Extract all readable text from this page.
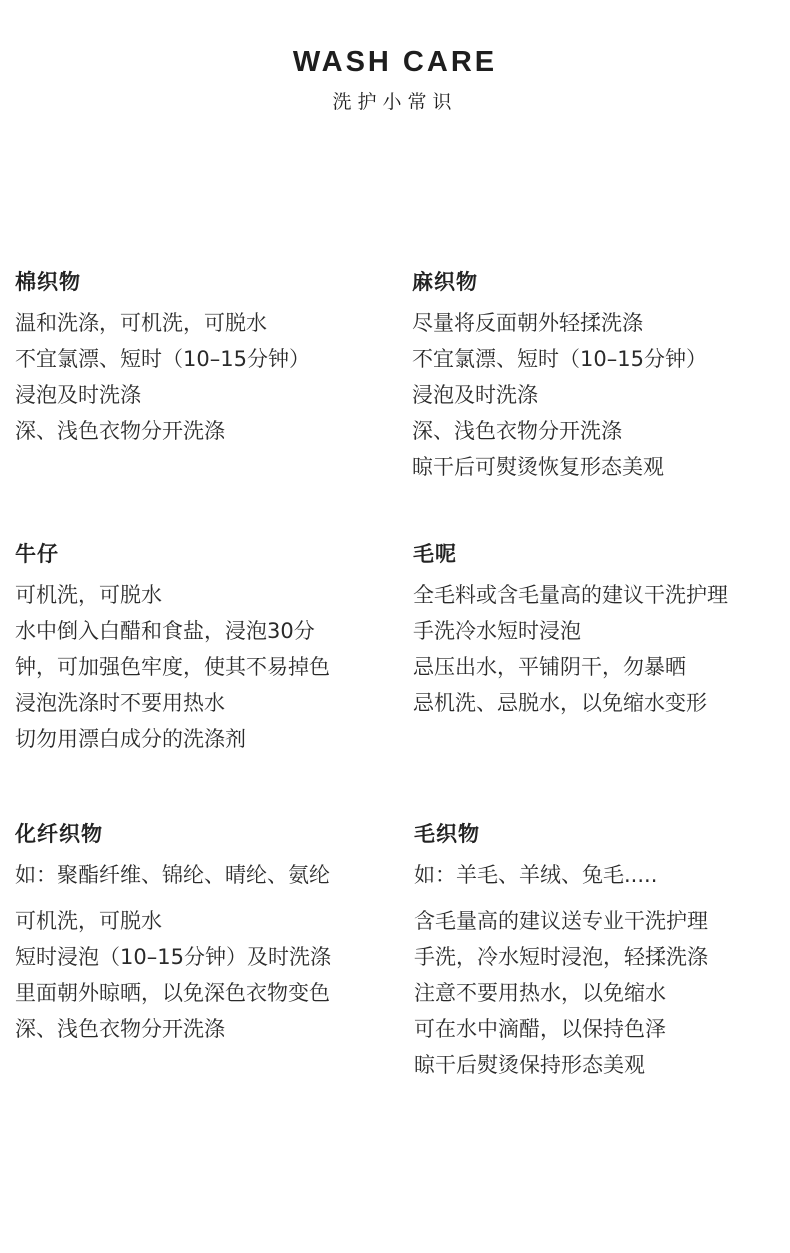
WASH CARE
洗护小常识
棉织物
温和洗涤，可机洗，可脱水
不宜氯漂、短时（10–15分钟）
浸泡及时洗涤
深、浅色衣物分开洗涤
麻织物
尽量将反面朝外轻揉洗涤
不宜氯漂、短时（10–15分钟）
浸泡及时洗涤
深、浅色衣物分开洗涤
晾干后可熨烫恢复形态美观
牛仔
可机洗，可脱水
水中倒入白醋和食盐，浸泡30分
钟，可加强色牢度，使其不易掉色
浸泡洗涤时不要用热水
切勿用漂白成分的洗涤剂
毛呢
全毛料或含毛量高的建议干洗护理
手洗冷水短时浸泡
忌压出水，平铺阴干，勿暴晒
忌机洗、忌脱水，以免缩水变形
化纤织物
如：聚酯纤维、锦纶、晴纶、氨纶
可机洗，可脱水
短时浸泡（10–15分钟）及时洗涤
里面朝外晾晒，以免深色衣物变色
深、浅色衣物分开洗涤
毛织物
如：羊毛、羊绒、兔毛.....
含毛量高的建议送专业干洗护理
手洗，冷水短时浸泡，轻揉洗涤
注意不要用热水，以免缩水
可在水中滴醋，以保持色泽
晾干后熨烫保持形态美观
